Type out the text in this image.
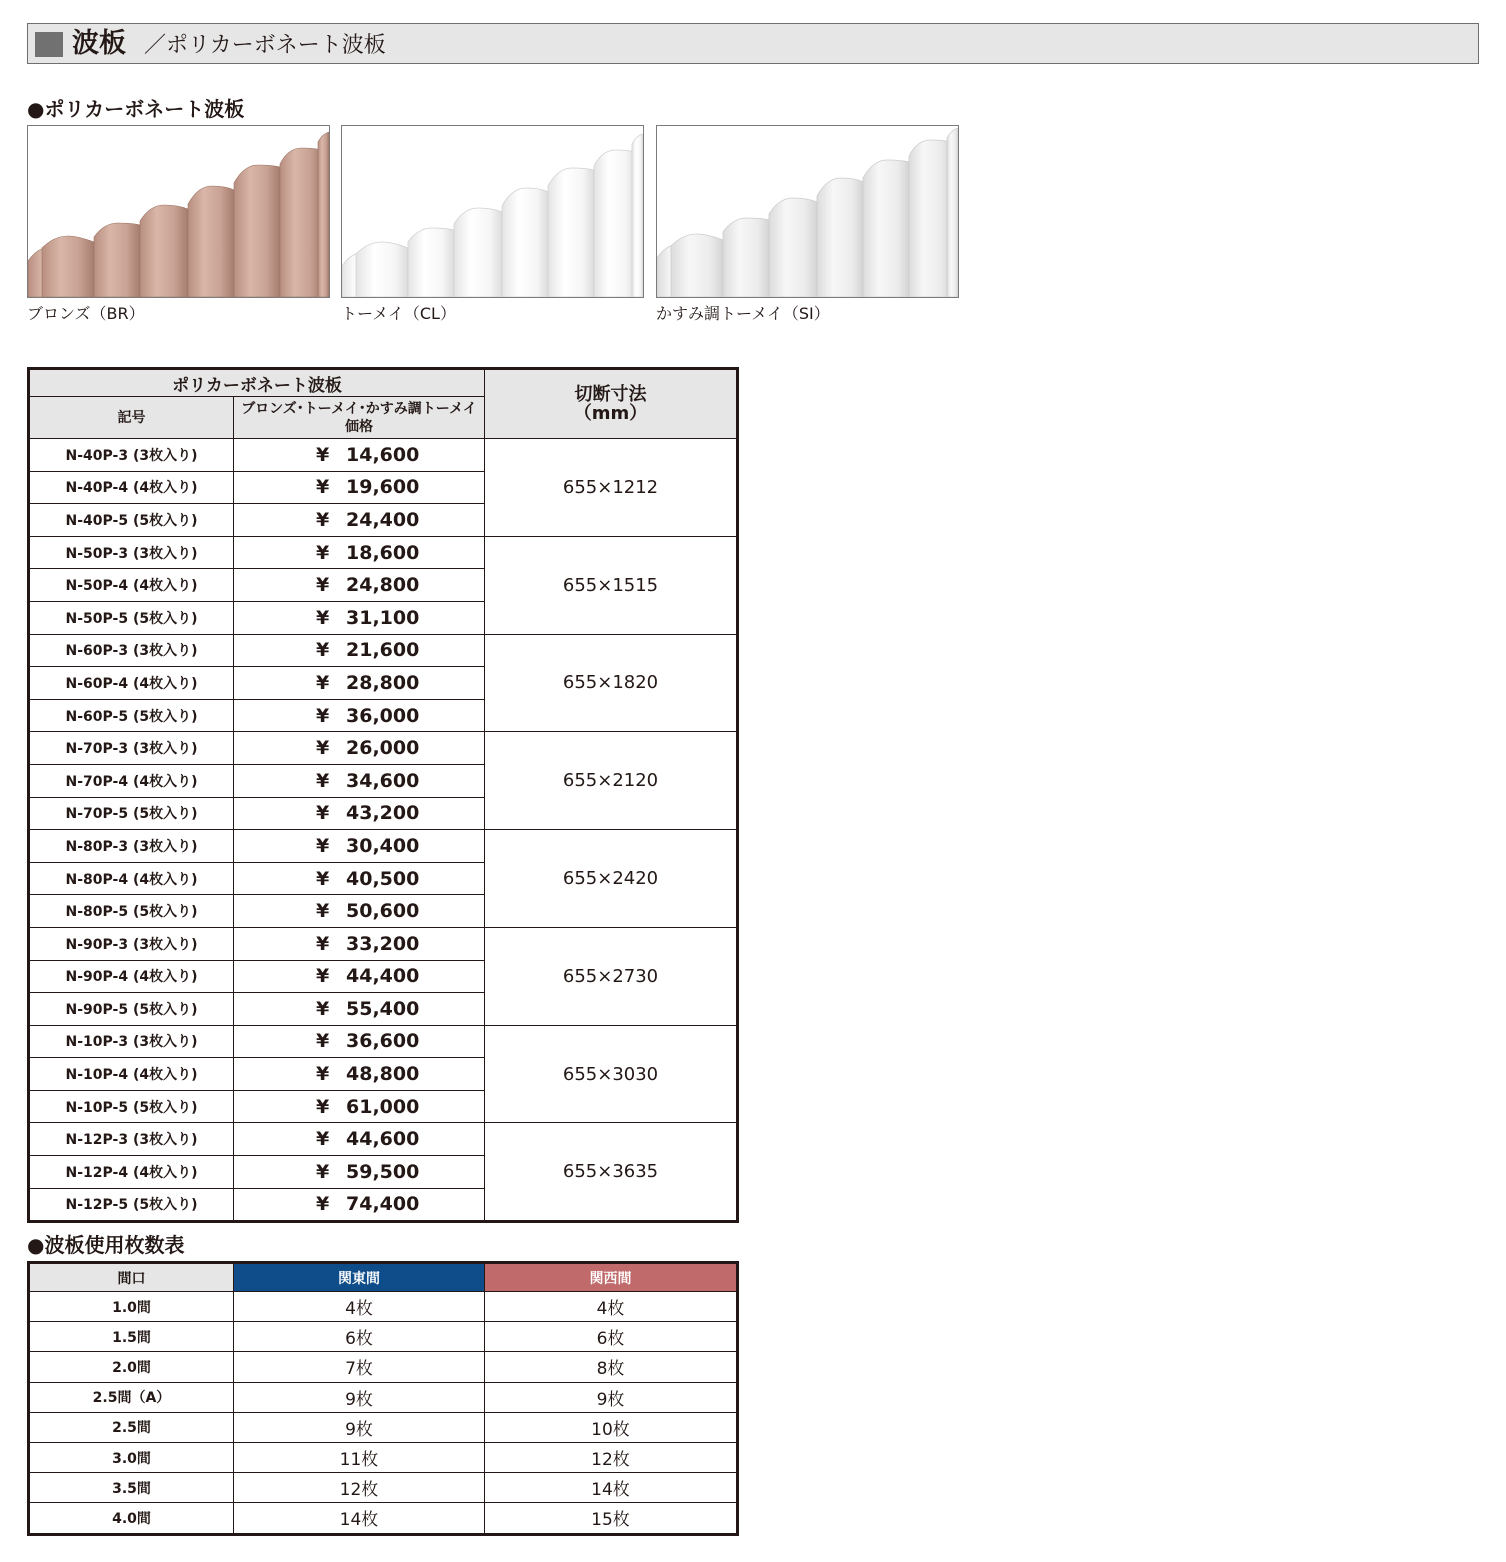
波板 ／ポリカーボネート波板
●ポリカーボネート波板
ブロンズ（BR）	トーメイ（CL）	かすみ調トーメイ（SI）
ポリカーボネート波板		切断寸法
（mm）

記号	ブロンズ･トーメイ･かすみ調トーメイ
価格	

N-40P-3 (3枚入り)	¥ 14,600	655×1212
N-40P-4 (4枚入り)	¥ 19,600	
N-40P-5 (5枚入り)	¥ 24,400	
N-50P-3 (3枚入り)	¥ 18,600	655×1515
N-50P-4 (4枚入り)	¥ 24,800	
N-50P-5 (5枚入り)	¥ 31,100	
N-60P-3 (3枚入り)	¥ 21,600	655×1820
N-60P-4 (4枚入り)	¥ 28,800	
N-60P-5 (5枚入り)	¥ 36,000	
N-70P-3 (3枚入り)	¥ 26,000	655×2120
N-70P-4 (4枚入り)	¥ 34,600	
N-70P-5 (5枚入り)	¥ 43,200	
N-80P-3 (3枚入り)	¥ 30,400	655×2420
N-80P-4 (4枚入り)	¥ 40,500	
N-80P-5 (5枚入り)	¥ 50,600	
N-90P-3 (3枚入り)	¥ 33,200	655×2730
N-90P-4 (4枚入り)	¥ 44,400	
N-90P-5 (5枚入り)	¥ 55,400	
N-10P-3 (3枚入り)	¥ 36,600	655×3030
N-10P-4 (4枚入り)	¥ 48,800	
N-10P-5 (5枚入り)	¥ 61,000	
N-12P-3 (3枚入り)	¥ 44,600	655×3635
N-12P-4 (4枚入り)	¥ 59,500	
N-12P-5 (5枚入り)	¥ 74,400	
●波板使用枚数表
間口	関東間	関西間
1.0間	4枚	4枚
1.5間	6枚	6枚
2.0間	7枚	8枚
2.5間（A）	9枚	9枚
2.5間	9枚	10枚
3.0間	11枚	12枚
3.5間	12枚	14枚
4.0間	14枚	15枚
